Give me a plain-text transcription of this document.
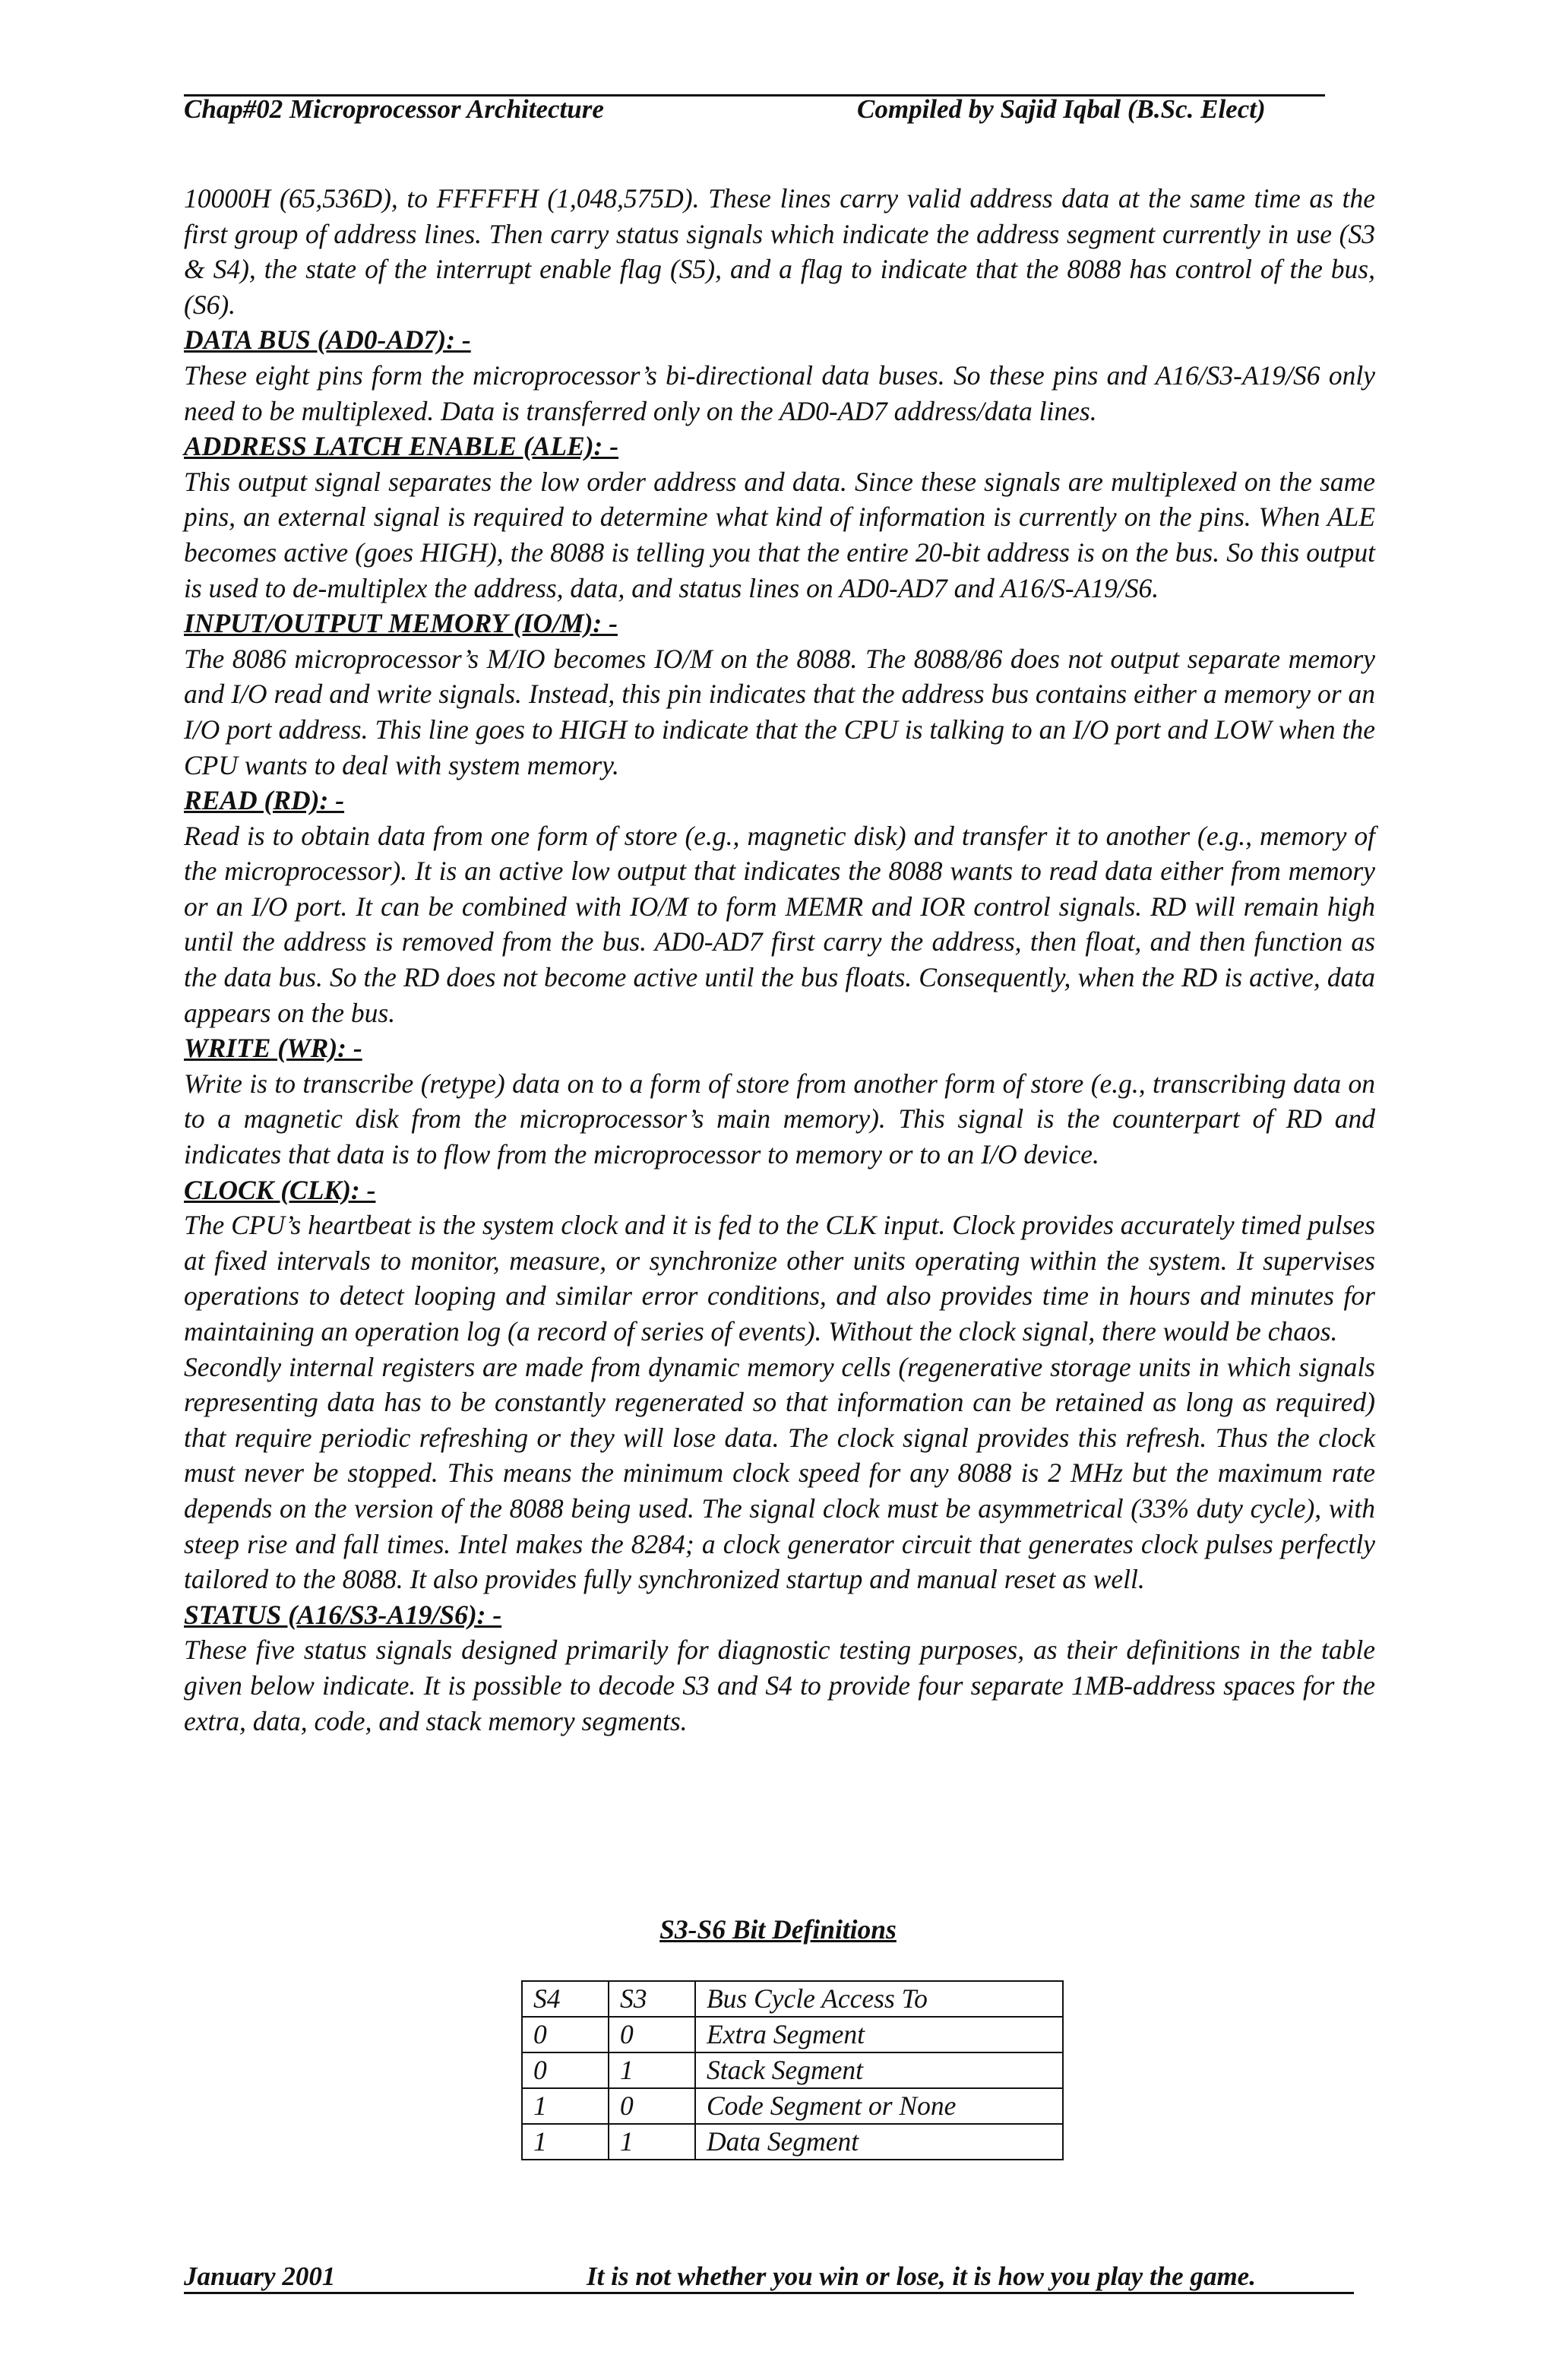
Chap#02 Microprocessor Architecture	Compiled by Sajid Iqbal (B.Sc. Elect)

10000H (65,536D), to FFFFFH (1,048,575D). These lines carry valid address data at the same time as the first group of address lines. Then carry status signals which indicate the address segment currently in use (S3 & S4), the state of the interrupt enable flag (S5), and a flag to indicate that the 8088 has control of the bus, (S6).

DATA BUS (AD0-AD7): -

These eight pins form the microprocessor’s bi-directional data buses. So these pins and A16/S3-A19/S6 only need to be multiplexed. Data is transferred only on the AD0-AD7 address/data lines.

ADDRESS LATCH ENABLE (ALE): -

This output signal separates the low order address and data. Since these signals are multiplexed on the same pins, an external signal is required to determine what kind of information is currently on the pins. When ALE becomes active (goes HIGH), the 8088 is telling you that the entire 20-bit address is on the bus. So this output is used to de-multiplex the address, data, and status lines on AD0-AD7 and A16/S-A19/S6.

INPUT/OUTPUT MEMORY (IO/M): -

The 8086 microprocessor’s M/IO becomes IO/M on the 8088. The 8088/86 does not output separate memory and I/O read and write signals. Instead, this pin indicates that the address bus contains either a memory or an I/O port address. This line goes to HIGH to indicate that the CPU is talking to an I/O port and LOW when the CPU wants to deal with system memory.

READ (RD): -

Read is to obtain data from one form of store (e.g., magnetic disk) and transfer it to another (e.g., memory of the microprocessor). It is an active low output that indicates the 8088 wants to read data either from memory or an I/O port. It can be combined with IO/M to form MEMR and IOR control signals. RD will remain high until the address is removed from the bus. AD0-AD7 first carry the address, then float, and then function as the data bus. So the RD does not become active until the bus floats. Consequently, when the RD is active, data appears on the bus.

WRITE (WR): -

Write is to transcribe (retype) data on to a form of store from another form of store (e.g., transcribing data on to a magnetic disk from the microprocessor’s main memory). This signal is the counterpart of RD and indicates that data is to flow from the microprocessor to memory or to an I/O device.

CLOCK (CLK): -

The CPU’s heartbeat is the system clock and it is fed to the CLK input. Clock provides accurately timed pulses at fixed intervals to monitor, measure, or synchronize other units operating within the system. It supervises operations to detect looping and similar error conditions, and also provides time in hours and minutes for maintaining an operation log (a record of series of events). Without the clock signal, there would be chaos.

Secondly internal registers are made from dynamic memory cells (regenerative storage units in which signals representing data has to be constantly regenerated so that information can be retained as long as required) that require periodic refreshing or they will lose data. The clock signal provides this refresh. Thus the clock must never be stopped. This means the minimum clock speed for any 8088 is 2 MHz but the maximum rate depends on the version of the 8088 being used. The signal clock must be asymmetrical (33% duty cycle), with steep rise and fall times. Intel makes the 8284; a clock generator circuit that generates clock pulses perfectly tailored to the 8088. It also provides fully synchronized startup and manual reset as well.

STATUS (A16/S3-A19/S6): -

These five status signals designed primarily for diagnostic testing purposes, as their definitions in the table given below indicate. It is possible to decode S3 and S4 to provide four separate 1MB-address spaces for the extra, data, code, and stack memory segments.

S3-S6 Bit Definitions
S4	S3	Bus Cycle Access To
0	0	Extra Segment
0	1	Stack Segment
1	0	Code Segment or None
1	1	Data Segment
January 2001	It is not whether you win or lose, it is how you play the game.
